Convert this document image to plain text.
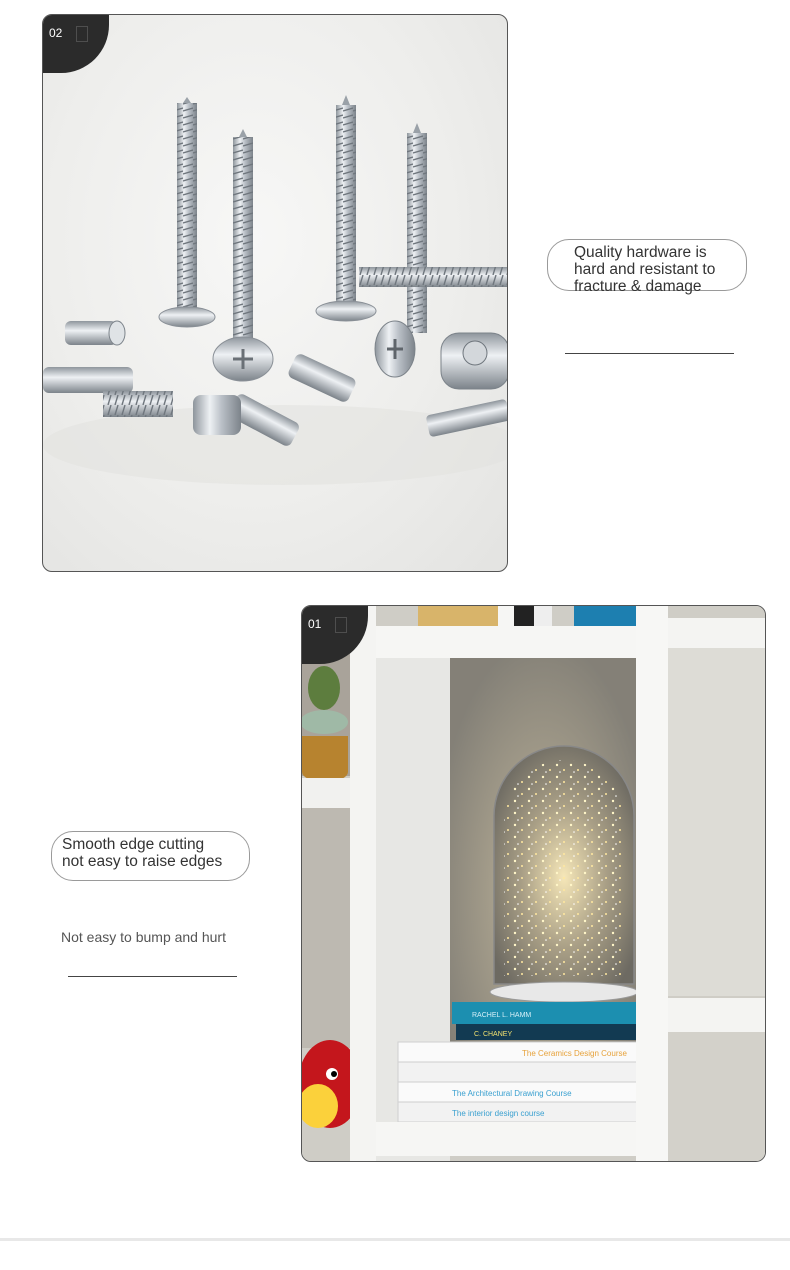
02
Quality hardware is
hard and resistant to
fracture & damage
01
RACHEL L. HAMM
C. CHANEY
The Ceramics Design Course
The Architectural Drawing Course
The interior design course
Smooth edge cutting
not easy to raise edges
Not easy to bump and hurt
